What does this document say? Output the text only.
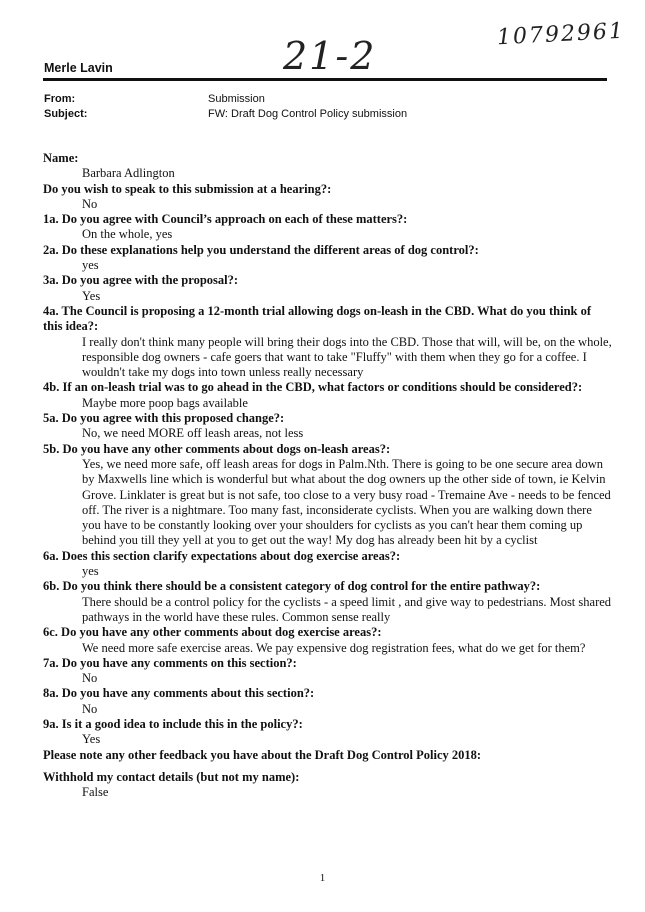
21-2	10792961
Merle Lavin
From:	Submission
Subject:	FW: Draft Dog Control Policy submission
Name:
Barbara Adlington
Do you wish to speak to this submission at a hearing?:
No
1a. Do you agree with Council’s approach on each of these matters?:
On the whole, yes
2a. Do these explanations help you understand the different areas of dog control?:
yes
3a. Do you agree with the proposal?:
Yes
4a. The Council is proposing a 12-month trial allowing dogs on-leash in the CBD. What do you think of this idea?:
I really don't think many people will bring their dogs into the CBD. Those that will, will be, on the whole, responsible dog owners - cafe goers that want to take "Fluffy" with them when they go for a coffee. I wouldn't take my dogs into town unless really necessary
4b. If an on-leash trial was to go ahead in the CBD, what factors or conditions should be considered?:
Maybe more poop bags available
5a. Do you agree with this proposed change?:
No, we need MORE off leash areas, not less
5b. Do you have any other comments about dogs on-leash areas?:
Yes, we need more safe, off leash areas for dogs in Palm.Nth. There is going to be one secure area down by Maxwells line which is wonderful but what about the dog owners up the other side of town, ie Kelvin Grove. Linklater is great but is not safe, too close to a very busy road - Tremaine Ave - needs to be fenced off. The river is a nightmare. Too many fast, inconsiderate cyclists. When you are walking down there you have to be constantly looking over your shoulders for cyclists as you can't hear them coming up behind you till they yell at you to get out the way! My dog has already been hit by a cyclist
6a. Does this section clarify expectations about dog exercise areas?:
yes
6b. Do you think there should be a consistent category of dog control for the entire pathway?:
There should be a control policy for the cyclists - a speed limit , and give way to pedestrians. Most shared pathways in the world have these rules. Common sense really
6c. Do you have any other comments about dog exercise areas?:
We need more safe exercise areas. We pay expensive dog registration fees, what do we get for them?
7a. Do you have any comments on this section?:
No
8a. Do you have any comments about this section?:
No
9a. Is it a good idea to include this in the policy?:
Yes
Please note any other feedback you have about the Draft Dog Control Policy 2018:
Withhold my contact details (but not my name):
False
1
